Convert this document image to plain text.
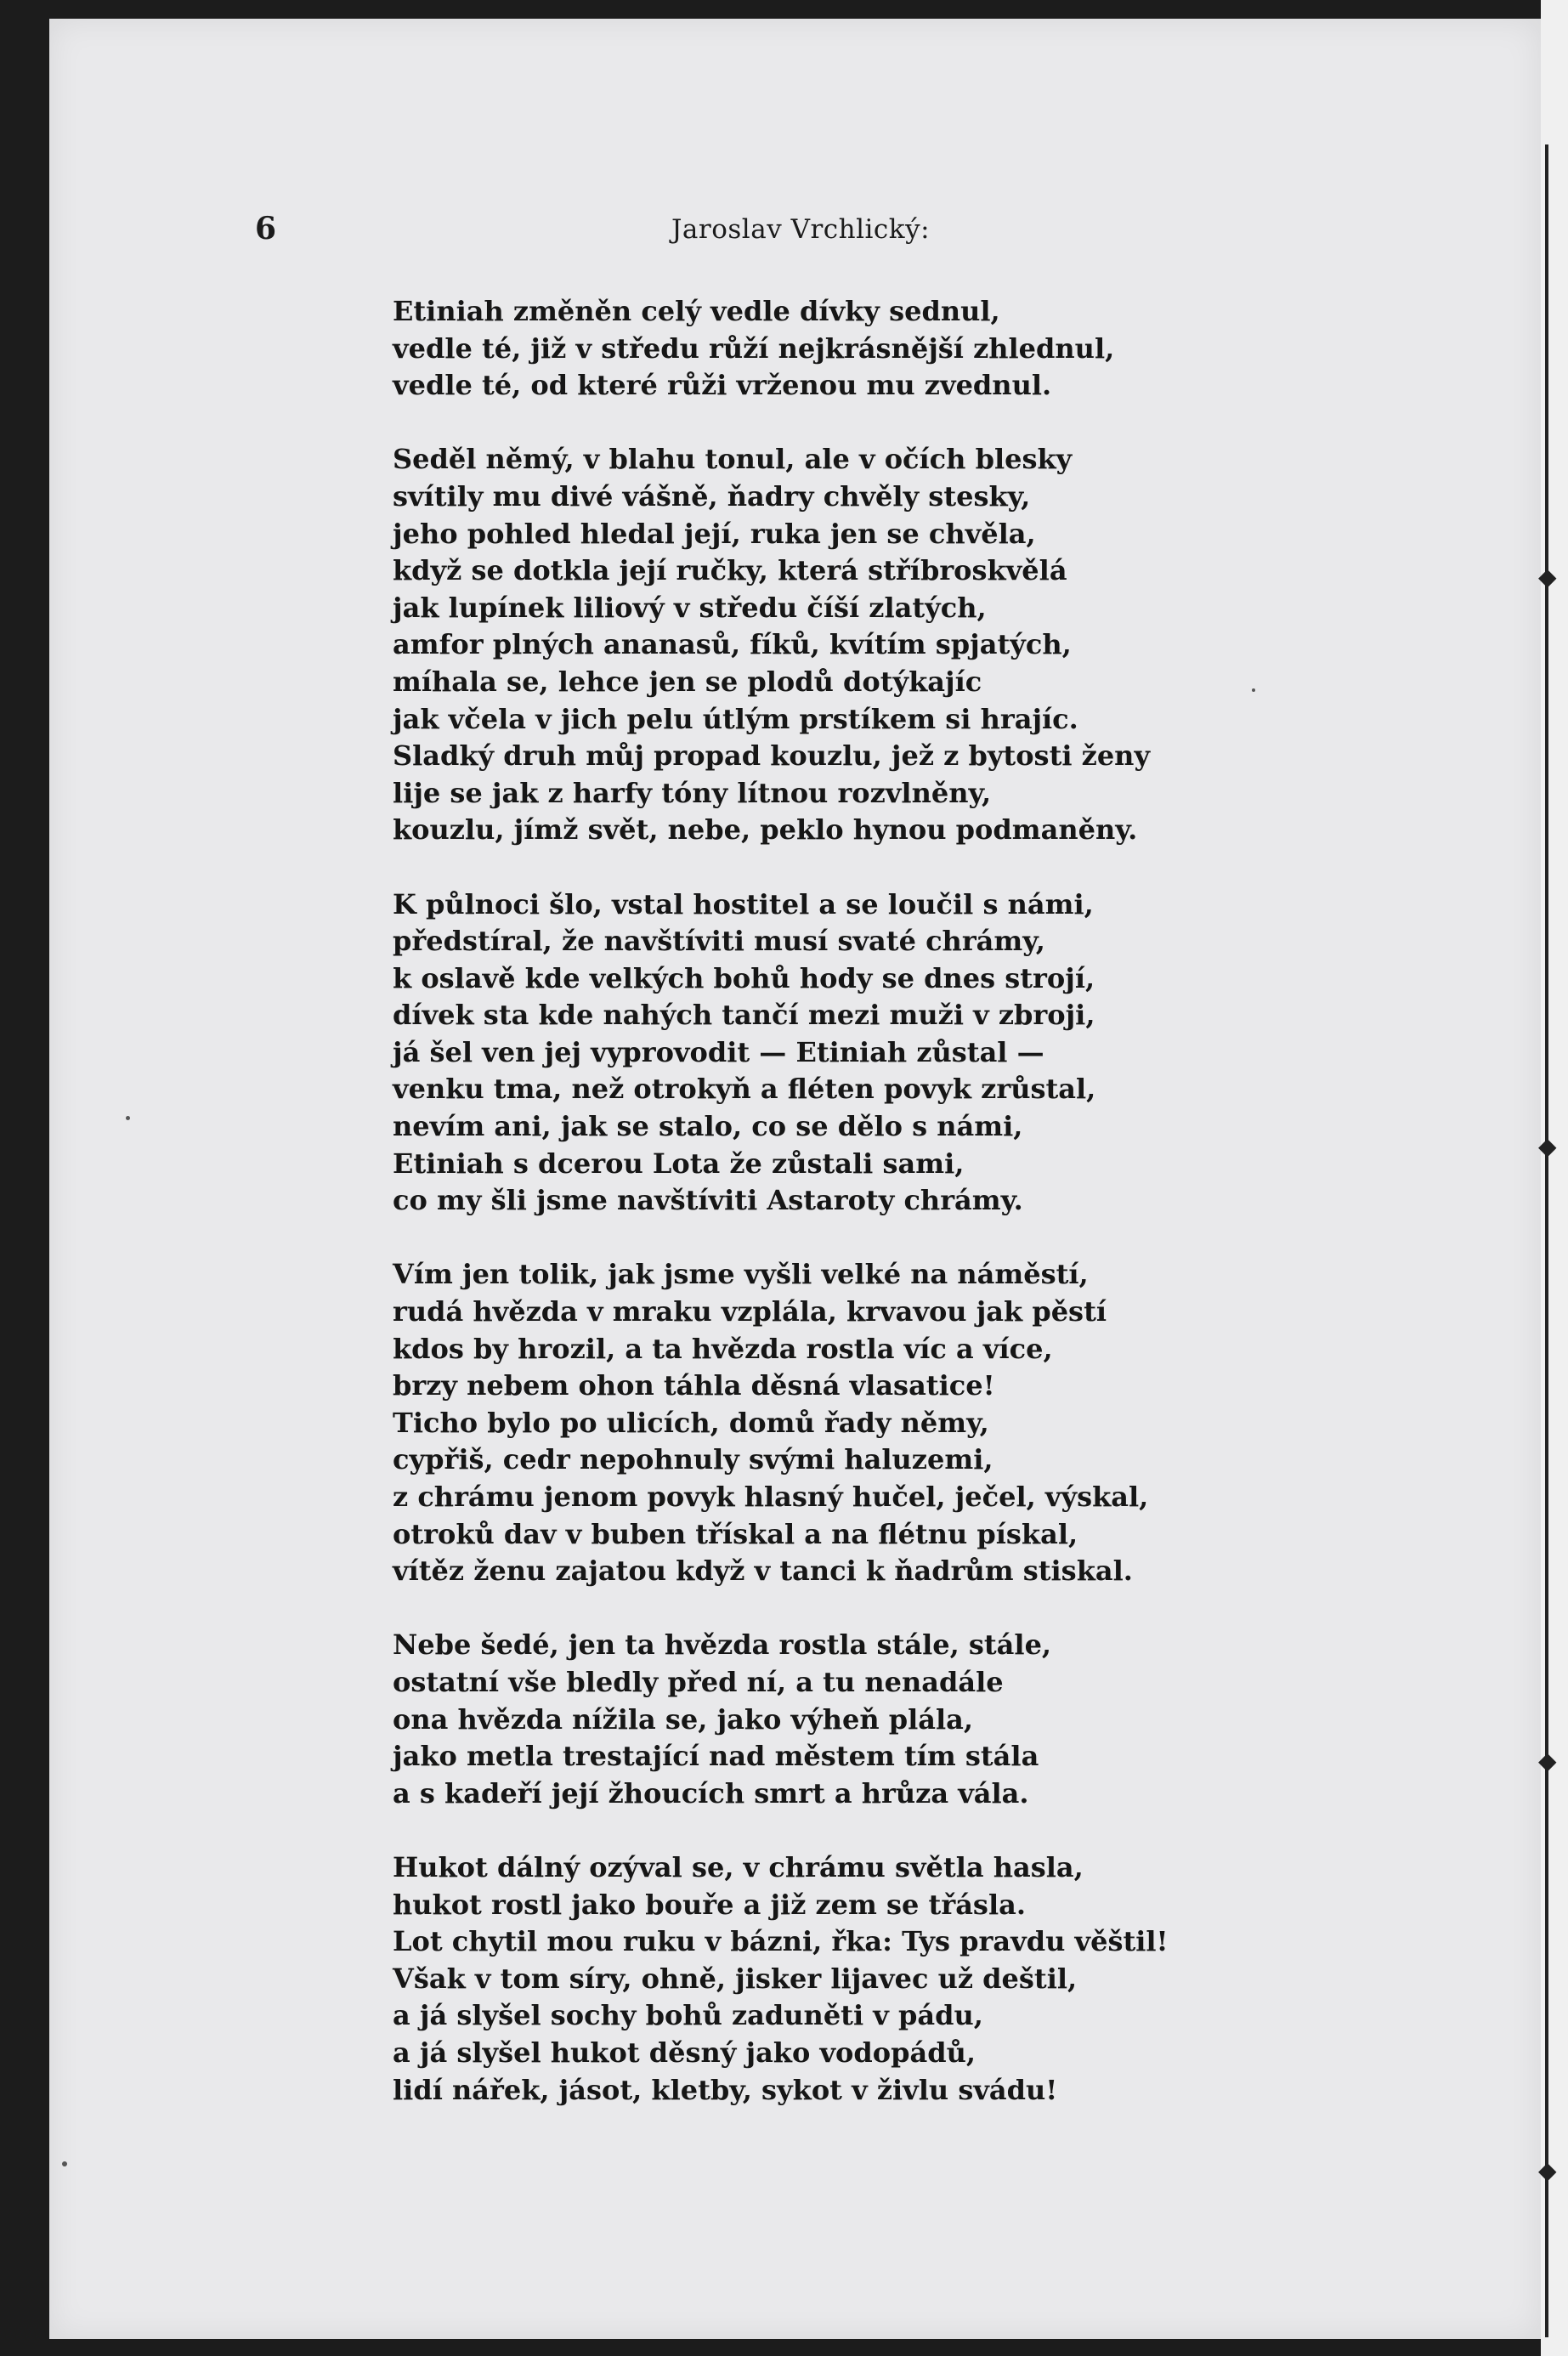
◆
◆
◆
◆
6	Jaroslav Vrchlický:
Etiniah změněn celý vedle dívky sednul,
vedle té, již v středu růží nejkrásnější zhlednul,
vedle té, od které růži vrženou mu zvednul.
Seděl němý, v blahu tonul, ale v očích blesky
svítily mu divé vášně, ňadry chvěly stesky,
jeho pohled hledal její, ruka jen se chvěla,
když se dotkla její ručky, která stříbroskvělá
jak lupínek liliový v středu číší zlatých,
amfor plných ananasů, fíků, kvítím spjatých,
míhala se, lehce jen se plodů dotýkajíc
jak včela v jich pelu útlým prstíkem si hrajíc.
Sladký druh můj propad kouzlu, jež z bytosti ženy
lije se jak z harfy tóny lítnou rozvlněny,
kouzlu, jímž svět, nebe, peklo hynou podmaněny.
K půlnoci šlo, vstal hostitel a se loučil s námi,
předstíral, že navštíviti musí svaté chrámy,
k oslavě kde velkých bohů hody se dnes strojí,
dívek sta kde nahých tančí mezi muži v zbroji,
já šel ven jej vyprovodit — Etiniah zůstal —
venku tma, než otrokyň a fléten povyk zrůstal,
nevím ani, jak se stalo, co se dělo s námi,
Etiniah s dcerou Lota že zůstali sami,
co my šli jsme navštíviti Astaroty chrámy.
Vím jen tolik, jak jsme vyšli velké na náměstí,
rudá hvězda v mraku vzplála, krvavou jak pěstí
kdos by hrozil, a ta hvězda rostla víc a více,
brzy nebem ohon táhla děsná vlasatice!
Ticho bylo po ulicích, domů řady němy,
cypřiš, cedr nepohnuly svými haluzemi,
z chrámu jenom povyk hlasný hučel, ječel, výskal,
otroků dav v buben třískal a na flétnu pískal,
vítěz ženu zajatou když v tanci k ňadrům stiskal.
Nebe šedé, jen ta hvězda rostla stále, stále,
ostatní vše bledly před ní, a tu nenadále
ona hvězda nížila se, jako výheň plála,
jako metla trestající nad městem tím stála
a s kadeří její žhoucích smrt a hrůza vála.
Hukot dálný ozýval se, v chrámu světla hasla,
hukot rostl jako bouře a již zem se třásla.
Lot chytil mou ruku v bázni, řka: Tys pravdu věštil!
Však v tom síry, ohně, jisker lijavec už deštil,
a já slyšel sochy bohů zaduněti v pádu,
a já slyšel hukot děsný jako vodopádů,
lidí nářek, jásot, kletby, sykot v živlu svádu!
